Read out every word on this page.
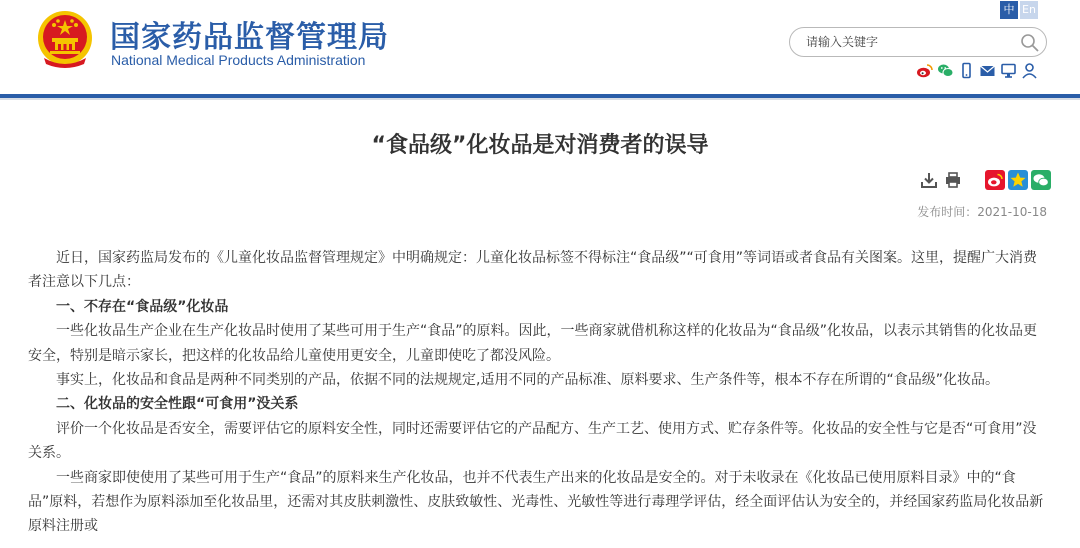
国家药品监督管理局
National Medical Products Administration
中 En
请输入关键字
“食品级”化妆品是对消费者的误导
发布时间：2021-10-18

近日，国家药监局发布的《儿童化妆品监督管理规定》中明确规定：儿童化妆品标签不得标注“食品级”“可食用”等词语或者食品有关图案。这里，提醒广大消费者注意以下几点：

一、不存在“食品级”化妆品

一些化妆品生产企业在生产化妆品时使用了某些可用于生产“食品”的原料。因此，一些商家就借机称这样的化妆品为“食品级”化妆品，以表示其销售的化妆品更安全，特别是暗示家长，把这样的化妆品给儿童使用更安全，儿童即使吃了都没风险。

事实上，化妆品和食品是两种不同类别的产品，依据不同的法规规定,适用不同的产品标准、原料要求、生产条件等，根本不存在所谓的“食品级”化妆品。

二、化妆品的安全性跟“可食用”没关系

评价一个化妆品是否安全，需要评估它的原料安全性，同时还需要评估它的产品配方、生产工艺、使用方式、贮存条件等。化妆品的安全性与它是否“可食用”没关系。

一些商家即使使用了某些可用于生产“食品”的原料来生产化妆品，也并不代表生产出来的化妆品是安全的。对于未收录在《化妆品已使用原料目录》中的“食品”原料，若想作为原料添加至化妆品里，还需对其皮肤刺激性、皮肤致敏性、光毒性、光敏性等进行毒理学评估，经全面评估认为安全的，并经国家药监局化妆品新原料注册或
